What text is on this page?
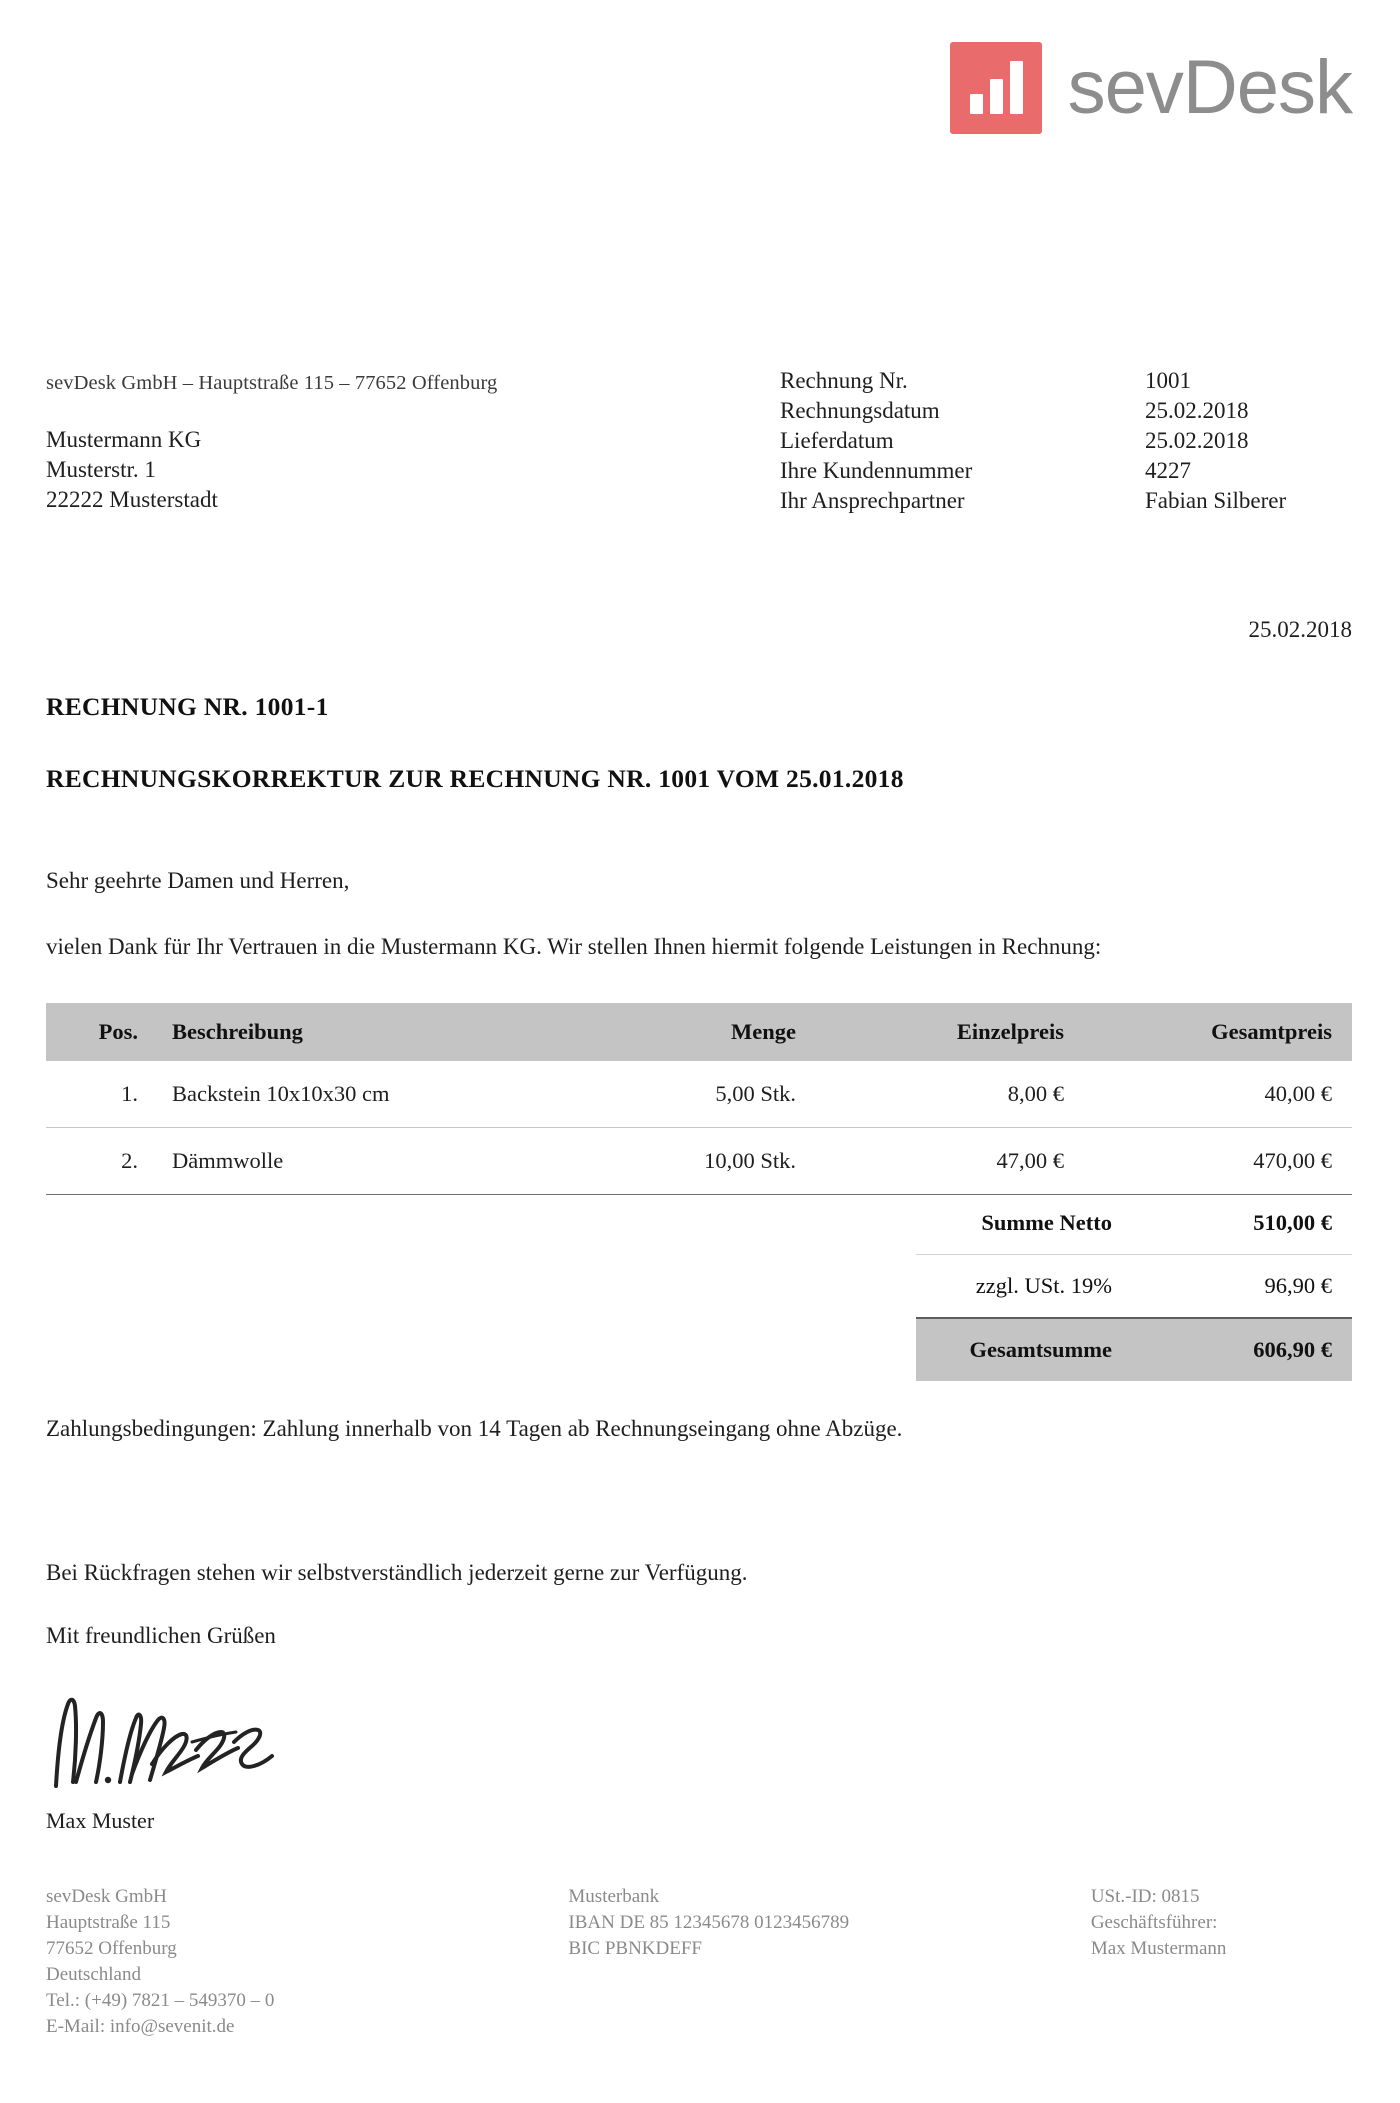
sevDesk
sevDesk GmbH – Hauptstraße 115 – 77652 Offenburg
Mustermann KG
Musterstr. 1
22222 Musterstadt
Rechnung Nr.	1001
Rechnungsdatum	25.02.2018
Lieferdatum	25.02.2018
Ihre Kundennummer	4227
Ihr Ansprechpartner	Fabian Silberer
25.02.2018
RECHNUNG NR. 1001-1
RECHNUNGSKORREKTUR ZUR RECHNUNG NR. 1001 VOM 25.01.2018
Sehr geehrte Damen und Herren,
vielen Dank für Ihr Vertrauen in die Mustermann KG. Wir stellen Ihnen hiermit folgende Leistungen in Rechnung:
Pos.	Beschreibung	Menge	Einzelpreis	Gesamtpreis
1.	Backstein 10x10x30 cm	5,00 Stk.	8,00 €	40,00 €
2.	Dämmwolle	10,00 Stk.	47,00 €	470,00 €
Summe Netto	510,00 €
zzgl. USt. 19%	96,90 €
Gesamtsumme	606,90 €
Zahlungsbedingungen: Zahlung innerhalb von 14 Tagen ab Rechnungseingang ohne Abzüge.
Bei Rückfragen stehen wir selbstverständlich jederzeit gerne zur Verfügung.
Mit freundlichen Grüßen
Max Muster
sevDesk GmbH
Hauptstraße 115
77652 Offenburg
Deutschland
Tel.: (+49) 7821 – 549370 – 0
E-Mail: info@sevenit.de
Musterbank
IBAN DE 85 12345678 0123456789
BIC PBNKDEFF
USt.-ID: 0815
Geschäftsführer:
Max Mustermann
